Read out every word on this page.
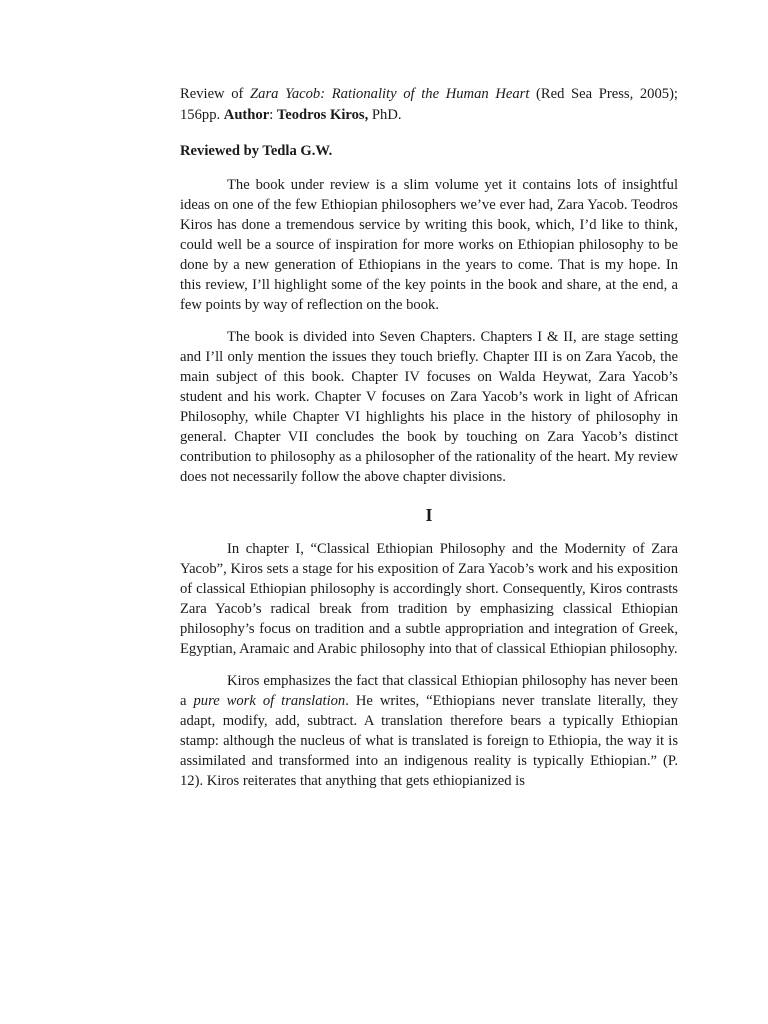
Review of Zara Yacob: Rationality of the Human Heart (Red Sea Press, 2005); 156pp. Author: Teodros Kiros, PhD.

Reviewed by Tedla G.W.

The book under review is a slim volume yet it contains lots of insightful ideas on one of the few Ethiopian philosophers we’ve ever had, Zara Yacob. Teodros Kiros has done a tremendous service by writing this book, which, I’d like to think, could well be a source of inspiration for more works on Ethiopian philosophy to be done by a new generation of Ethiopians in the years to come. That is my hope. In this review, I’ll highlight some of the key points in the book and share, at the end, a few points by way of reflection on the book.

The book is divided into Seven Chapters. Chapters I & II, are stage setting and I’ll only mention the issues they touch briefly. Chapter III is on Zara Yacob, the main subject of this book. Chapter IV focuses on Walda Heywat, Zara Yacob’s student and his work. Chapter V focuses on Zara Yacob’s work in light of African Philosophy, while Chapter VI highlights his place in the history of philosophy in general. Chapter VII concludes the book by touching on Zara Yacob’s distinct contribution to philosophy as a philosopher of the rationality of the heart. My review does not necessarily follow the above chapter divisions.

I

In chapter I, “Classical Ethiopian Philosophy and the Modernity of Zara Yacob”, Kiros sets a stage for his exposition of Zara Yacob’s work and his exposition of classical Ethiopian philosophy is accordingly short. Consequently, Kiros contrasts Zara Yacob’s radical break from tradition by emphasizing classical Ethiopian philosophy’s focus on tradition and a subtle appropriation and integration of Greek, Egyptian, Aramaic and Arabic philosophy into that of classical Ethiopian philosophy.

Kiros emphasizes the fact that classical Ethiopian philosophy has never been a pure work of translation. He writes, “Ethiopians never translate literally, they adapt, modify, add, subtract. A translation therefore bears a typically Ethiopian stamp: although the nucleus of what is translated is foreign to Ethiopia, the way it is assimilated and transformed into an indigenous reality is typically Ethiopian.” (P. 12). Kiros reiterates that anything that gets ethiopianized is
